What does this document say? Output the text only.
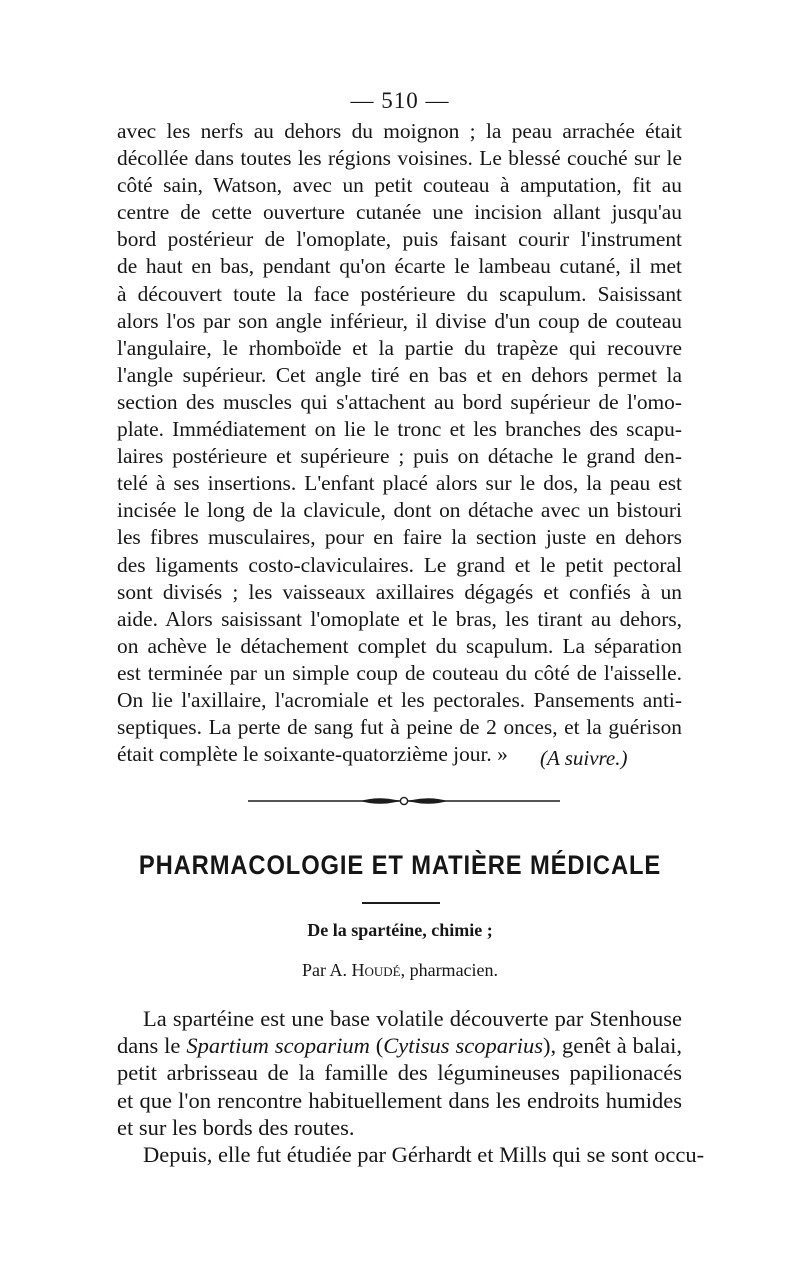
— 510 —
avec les nerfs au dehors du moignon ; la peau arrachée était
décollée dans toutes les régions voisines. Le blessé couché sur le
côté sain, Watson, avec un petit couteau à amputation, fit au
centre de cette ouverture cutanée une incision allant jusqu'au
bord postérieur de l'omoplate, puis faisant courir l'instrument
de haut en bas, pendant qu'on écarte le lambeau cutané, il met
à découvert toute la face postérieure du scapulum. Saisissant
alors l'os par son angle inférieur, il divise d'un coup de couteau
l'angulaire, le rhomboïde et la partie du trapèze qui recouvre
l'angle supérieur. Cet angle tiré en bas et en dehors permet la
section des muscles qui s'attachent au bord supérieur de l'omo-
plate. Immédiatement on lie le tronc et les branches des scapu-
laires postérieure et supérieure ; puis on détache le grand den-
telé à ses insertions. L'enfant placé alors sur le dos, la peau est
incisée le long de la clavicule, dont on détache avec un bistouri
les fibres musculaires, pour en faire la section juste en dehors
des ligaments costo-claviculaires. Le grand et le petit pectoral
sont divisés ; les vaisseaux axillaires dégagés et confiés à un
aide. Alors saisissant l'omoplate et le bras, les tirant au dehors,
on achève le détachement complet du scapulum. La séparation
est terminée par un simple coup de couteau du côté de l'aisselle.
On lie l'axillaire, l'acromiale et les pectorales. Pansements anti-
septiques. La perte de sang fut à peine de 2 onces, et la guérison
était complète le soixante-quatorzième jour. »	(A suivre.)
PHARMACOLOGIE ET MATIÈRE MÉDICALE
De la spartéine, chimie ;
Par A. Houdé, pharmacien.
La spartéine est une base volatile découverte par Stenhouse
dans le Spartium scoparium (Cytisus scoparius), genêt à balai,
petit arbrisseau de la famille des légumineuses papilionacés
et que l'on rencontre habituellement dans les endroits humides
et sur les bords des routes.
Depuis, elle fut étudiée par Gérhardt et Mills qui se sont occu-
